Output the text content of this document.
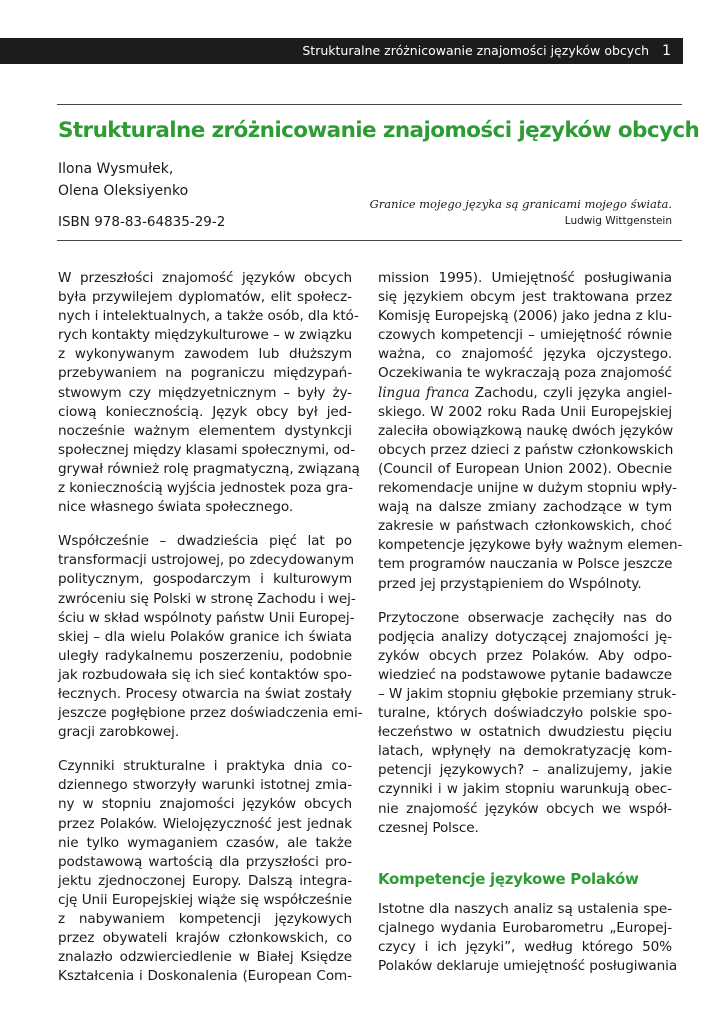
Strukturalne zróżnicowanie znajomości języków obcych 1
Strukturalne zróżnicowanie znajomości języków obcych
Ilona Wysmułek,
Olena Oleksiyenko
Granice mojego języka są granicami mojego świata.
Ludwig Wittgenstein
ISBN 978-83-64835-29-2

W przeszłości znajomość języków obcych
była przywilejem dyplomatów, elit społecz-
nych i intelektualnych, a także osób, dla któ-
rych kontakty międzykulturowe – w związku
z wykonywanym zawodem lub dłuższym
przebywaniem na pograniczu międzypań-
stwowym czy międzyetnicznym – były ży-
ciową koniecznością. Język obcy był jed-
nocześnie ważnym elementem dystynkcji
społecznej między klasami społecznymi, od-
grywał również rolę pragmatyczną, związaną
z koniecznością wyjścia jednostek poza gra-
nice własnego świata społecznego.

Współcześnie – dwadzieścia pięć lat po
transformacji ustrojowej, po zdecydowanym
politycznym, gospodarczym i kulturowym
zwróceniu się Polski w stronę Zachodu i wej-
ściu w skład wspólnoty państw Unii Europej-
skiej – dla wielu Polaków granice ich świata
uległy radykalnemu poszerzeniu, podobnie
jak rozbudowała się ich sieć kontaktów spo-
łecznych. Procesy otwarcia na świat zostały
jeszcze pogłębione przez doświadczenia emi-
gracji zarobkowej.

Czynniki strukturalne i praktyka dnia co-
dziennego stworzyły warunki istotnej zmia-
ny w stopniu znajomości języków obcych
przez Polaków. Wielojęzyczność jest jednak
nie tylko wymaganiem czasów, ale także
podstawową wartością dla przyszłości pro-
jektu zjednoczonej Europy. Dalszą integra-
cję Unii Europejskiej wiąże się współcześnie
z nabywaniem kompetencji językowych
przez obywateli krajów członkowskich, co
znalazło odzwierciedlenie w Białej Księdze
Kształcenia i Doskonalenia (European Com-

mission 1995). Umiejętność posługiwania
się językiem obcym jest traktowana przez
Komisję Europejską (2006) jako jedna z klu-
czowych kompetencji – umiejętność równie
ważna, co znajomość języka ojczystego.
Oczekiwania te wykraczają poza znajomość
lingua franca Zachodu, czyli języka angiel-
skiego. W 2002 roku Rada Unii Europejskiej
zaleciła obowiązkową naukę dwóch języków
obcych przez dzieci z państw członkowskich
(Council of European Union 2002). Obecnie
rekomendacje unijne w dużym stopniu wpły-
wają na dalsze zmiany zachodzące w tym
zakresie w państwach członkowskich, choć
kompetencje językowe były ważnym elemen-
tem programów nauczania w Polsce jeszcze
przed jej przystąpieniem do Wspólnoty.

Przytoczone obserwacje zachęciły nas do
podjęcia analizy dotyczącej znajomości ję-
zyków obcych przez Polaków. Aby odpo-
wiedzieć na podstawowe pytanie badawcze
– W jakim stopniu głębokie przemiany struk-
turalne, których doświadczyło polskie spo-
łeczeństwo w ostatnich dwudziestu pięciu
latach, wpłynęły na demokratyzację kom-
petencji językowych? – analizujemy, jakie
czynniki i w jakim stopniu warunkują obec-
nie znajomość języków obcych we współ-
czesnej Polsce.

Kompetencje językowe Polaków

Istotne dla naszych analiz są ustalenia spe-
cjalnego wydania Eurobarometru „Europej-
czycy i ich języki”, według którego 50%
Polaków deklaruje umiejętność posługiwania
